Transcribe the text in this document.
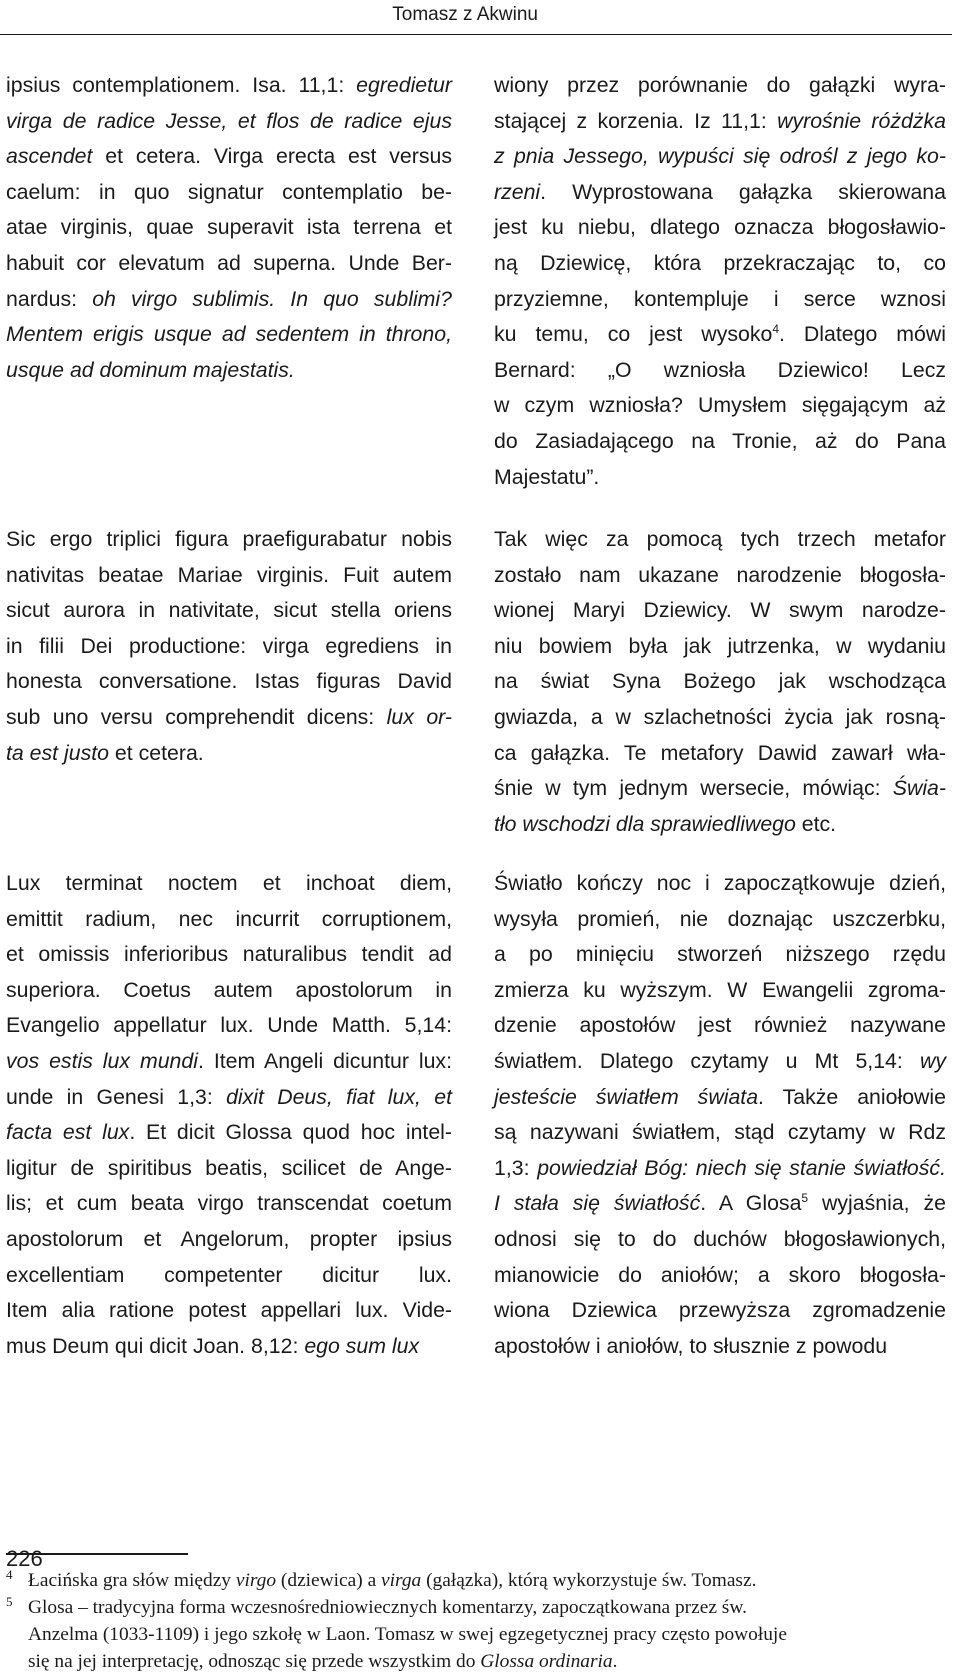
Tomasz z Akwinu
ipsius contemplationem. Isa. 11,1: egredietur
virga de radice Jesse, et flos de radice ejus
ascendet et cetera. Virga erecta est versus
caelum: in quo signatur contemplatio be-
atae virginis, quae superavit ista terrena et
habuit cor elevatum ad superna. Unde Ber-
nardus: oh virgo sublimis. In quo sublimi?
Mentem erigis usque ad sedentem in throno,
usque ad dominum majestatis.
Sic ergo triplici figura praefigurabatur nobis
nativitas beatae Mariae virginis. Fuit autem
sicut aurora in nativitate, sicut stella oriens
in filii Dei productione: virga egrediens in
honesta conversatione. Istas figuras David
sub uno versu comprehendit dicens: lux or-
ta est justo et cetera.
Lux terminat noctem et inchoat diem,
emittit radium, nec incurrit corruptionem,
et omissis inferioribus naturalibus tendit ad
superiora. Coetus autem apostolorum in
Evangelio appellatur lux. Unde Matth. 5,14:
vos estis lux mundi. Item Angeli dicuntur lux:
unde in Genesi 1,3: dixit Deus, fiat lux, et
facta est lux. Et dicit Glossa quod hoc intel-
ligitur de spiritibus beatis, scilicet de Ange-
lis; et cum beata virgo transcendat coetum
apostolorum et Angelorum, propter ipsius
excellentiam competenter dicitur lux.
Item alia ratione potest appellari lux. Vide-
mus Deum qui dicit Joan. 8,12: ego sum lux
wiony przez porównanie do gałązki wyra-
stającej z korzenia. Iz 11,1: wyrośnie różdżka
z pnia Jessego, wypuści się odrośl z jego ko-
rzeni. Wyprostowana gałązka skierowana
jest ku niebu, dlatego oznacza błogosławio-
ną Dziewicę, która przekraczając to, co
przyziemne, kontempluje i serce wznosi
ku temu, co jest wysoko$^4$. Dlatego mówi
Bernard: „O wzniosła Dziewico! Lecz
w czym wzniosła? Umysłem sięgającym aż
do Zasiadającego na Tronie, aż do Pana
Majestatu”.
Tak więc za pomocą tych trzech metafor
zostało nam ukazane narodzenie błogosła-
wionej Maryi Dziewicy. W swym narodze-
niu bowiem była jak jutrzenka, w wydaniu
na świat Syna Bożego jak wschodząca
gwiazda, a w szlachetności życia jak rosną-
ca gałązka. Te metafory Dawid zawarł wła-
śnie w tym jednym wersecie, mówiąc: Świa-
tło wschodzi dla sprawiedliwego etc.
Światło kończy noc i zapoczątkowuje dzień,
wysyła promień, nie doznając uszczerbku,
a po minięciu stworzeń niższego rzędu
zmierza ku wyższym. W Ewangelii zgroma-
dzenie apostołów jest również nazywane
światłem. Dlatego czytamy u Mt 5,14: wy
jesteście światłem świata. Także aniołowie
są nazywani światłem, stąd czytamy w Rdz
1,3: powiedział Bóg: niech się stanie światłość.
I stała się światłość. A Glosa$^5$ wyjaśnia, że
odnosi się to do duchów błogosławionych,
mianowicie do aniołów; a skoro błogosła-
wiona Dziewica przewyższa zgromadzenie
apostołów i aniołów, to słusznie z powodu
4 Łacińska gra słów między virgo (dziewica) a virga (gałązka), którą wykorzystuje św. Tomasz.
5 Glosa – tradycyjna forma wczesnośredniowiecznych komentarzy, zapoczątkowana przez św.
Anzelma (1033-1109) i jego szkołę w Laon. Tomasz w swej egzegetycznej pracy często powołuje
się na jej interpretację, odnosząc się przede wszystkim do Glossa ordinaria.
226
